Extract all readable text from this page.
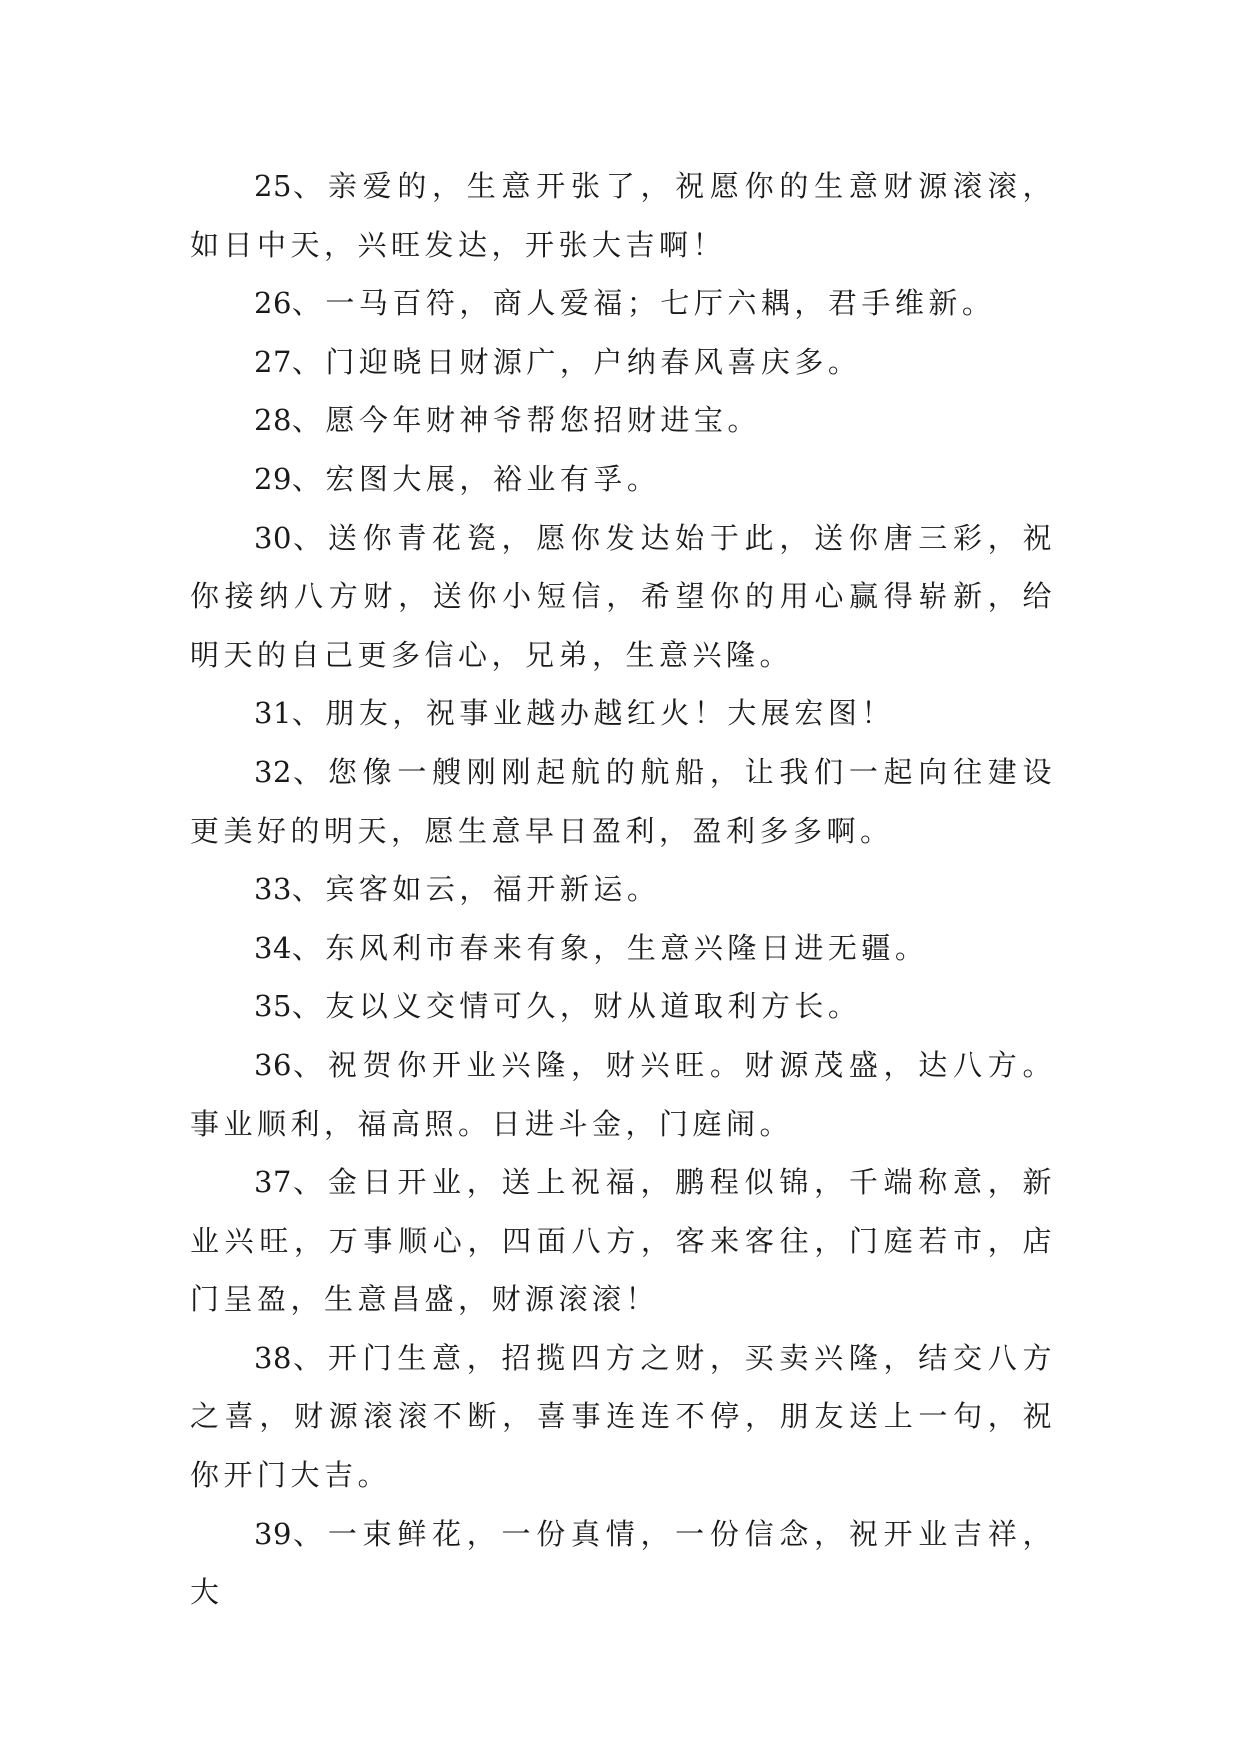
25、亲爱的，生意开张了，祝愿你的生意财源滚滚，如日中天，兴旺发达，开张大吉啊！

26、一马百符，商人爱福；七厅六耦，君手维新。

27、门迎晓日财源广，户纳春风喜庆多。

28、愿今年财神爷帮您招财进宝。

29、宏图大展，裕业有孚。

30、送你青花瓷，愿你发达始于此，送你唐三彩，祝你接纳八方财，送你小短信，希望你的用心赢得崭新，给明天的自己更多信心，兄弟，生意兴隆。

31、朋友，祝事业越办越红火！大展宏图！

32、您像一艘刚刚起航的航船，让我们一起向往建设更美好的明天，愿生意早日盈利，盈利多多啊。

33、宾客如云，福开新运。

34、东风利市春来有象，生意兴隆日进无疆。

35、友以义交情可久，财从道取利方长。

36、祝贺你开业兴隆，财兴旺。财源茂盛，达八方。事业顺利，福高照。日进斗金，门庭闹。

37、金日开业，送上祝福，鹏程似锦，千端称意，新业兴旺，万事顺心，四面八方，客来客往，门庭若市，店门呈盈，生意昌盛，财源滚滚！

38、开门生意，招揽四方之财，买卖兴隆，结交八方之喜，财源滚滚不断，喜事连连不停，朋友送上一句，祝你开门大吉。

39、一束鲜花，一份真情，一份信念，祝开业吉祥，大
